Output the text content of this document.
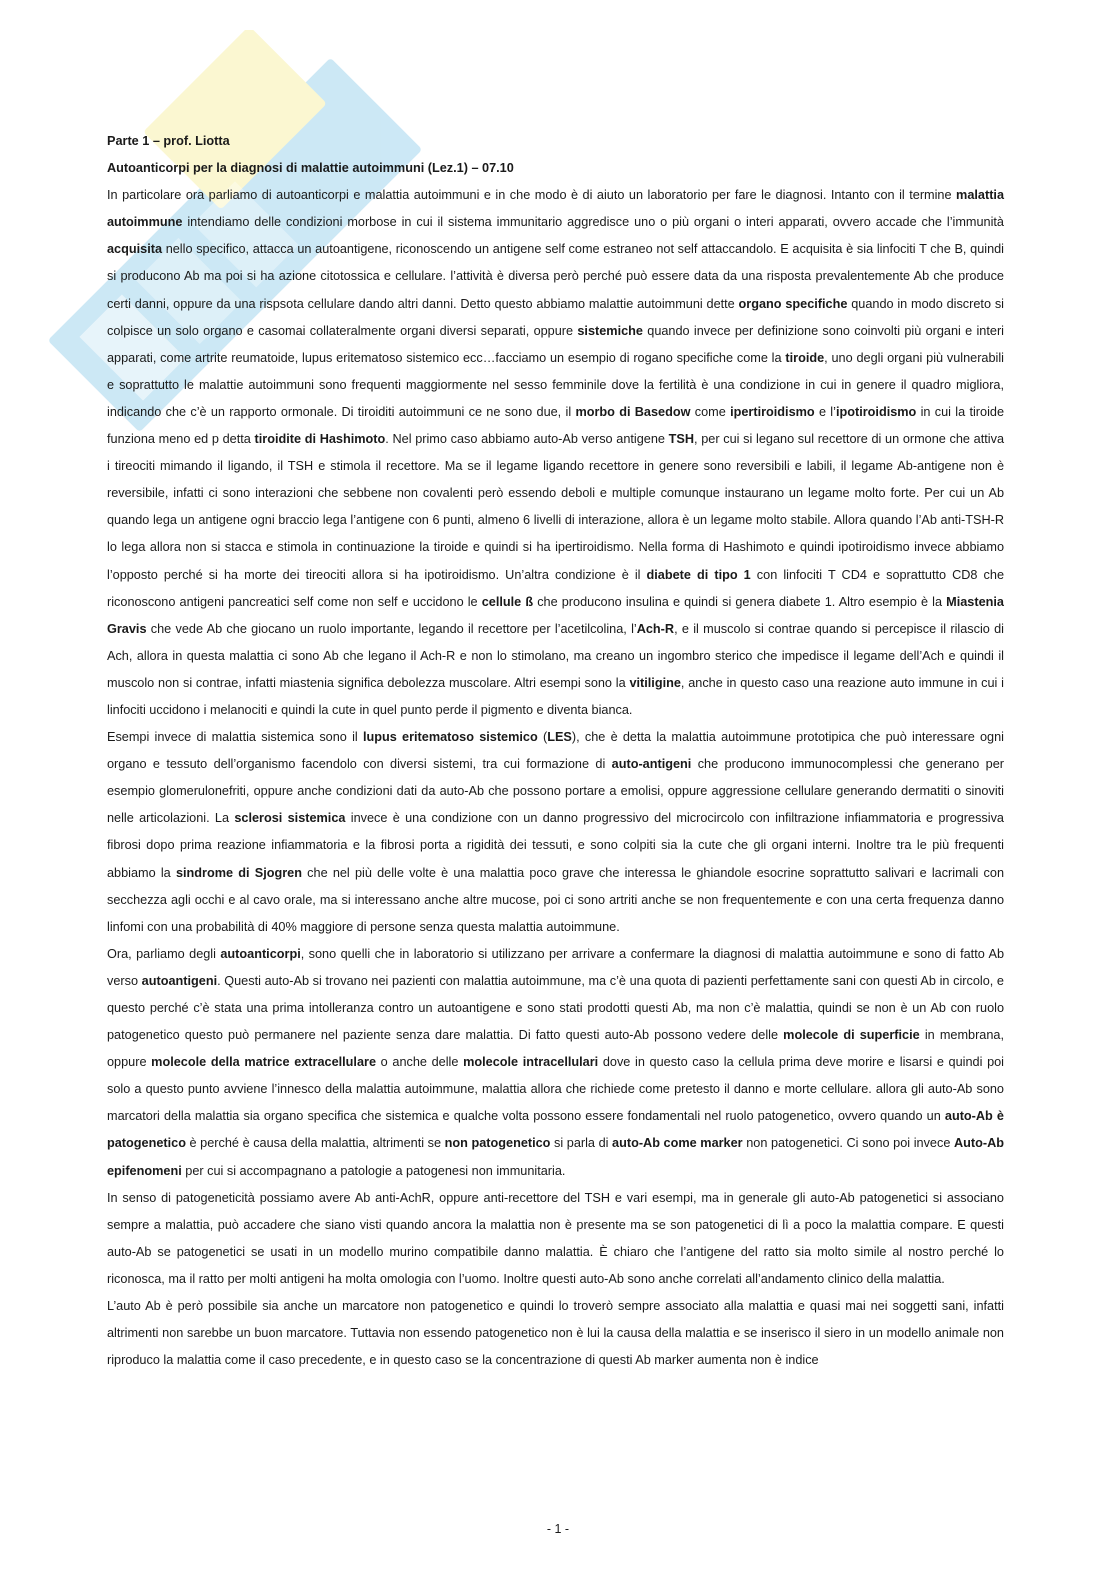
Parte 1 – prof. Liotta

Autoanticorpi per la diagnosi di malattie autoimmuni (Lez.1) – 07.10

In particolare ora parliamo di autoanticorpi e malattia autoimmuni e in che modo è di aiuto un laboratorio per fare le diagnosi. Intanto con il termine malattia autoimmune intendiamo delle condizioni morbose in cui il sistema immunitario aggredisce uno o più organi o interi apparati, ovvero accade che l’immunità acquisita nello specifico, attacca un autoantigene, riconoscendo un antigene self come estraneo not self attaccandolo. E acquisita è sia linfociti T che B, quindi si producono Ab ma poi si ha azione citotossica e cellulare. l’attività è diversa però perché può essere data da una risposta prevalentemente Ab che produce certi danni, oppure da una rispsota cellulare dando altri danni. Detto questo abbiamo malattie autoimmuni dette organo specifiche quando in modo discreto si colpisce un solo organo e casomai collateralmente organi diversi separati, oppure sistemiche quando invece per definizione sono coinvolti più organi e interi apparati, come artrite reumatoide, lupus eritematoso sistemico ecc…facciamo un esempio di rogano specifiche come la tiroide, uno degli organi più vulnerabili e soprattutto le malattie autoimmuni sono frequenti maggiormente nel sesso femminile dove la fertilità è una condizione in cui in genere il quadro migliora, indicando che c’è un rapporto ormonale. Di tiroiditi autoimmuni ce ne sono due, il morbo di Basedow come ipertiroidismo e l’ipotiroidismo in cui la tiroide funziona meno ed p detta tiroidite di Hashimoto. Nel primo caso abbiamo auto-Ab verso antigene TSH, per cui si legano sul recettore di un ormone che attiva i tireociti mimando il ligando, il TSH e stimola il recettore. Ma se il legame ligando recettore in genere sono reversibili e labili, il legame Ab-antigene non è reversibile, infatti ci sono interazioni che sebbene non covalenti però essendo deboli e multiple comunque instaurano un legame molto forte. Per cui un Ab quando lega un antigene ogni braccio lega l’antigene con 6 punti, almeno 6 livelli di interazione, allora è un legame molto stabile. Allora quando l’Ab anti-TSH-R lo lega allora non si stacca e stimola in continuazione la tiroide e quindi si ha ipertiroidismo. Nella forma di Hashimoto e quindi ipotiroidismo invece abbiamo l’opposto perché si ha morte dei tireociti allora si ha ipotiroidismo. Un’altra condizione è il diabete di tipo 1 con linfociti T CD4 e soprattutto CD8 che riconoscono antigeni pancreatici self come non self e uccidono le cellule ß che producono insulina e quindi si genera diabete 1. Altro esempio è la Miastenia Gravis che vede Ab che giocano un ruolo importante, legando il recettore per l’acetilcolina, l’Ach-R, e il muscolo si contrae quando si percepisce il rilascio di Ach, allora in questa malattia ci sono Ab che legano il Ach-R e non lo stimolano, ma creano un ingombro sterico che impedisce il legame dell’Ach e quindi il muscolo non si contrae, infatti miastenia significa debolezza muscolare. Altri esempi sono la vitiligine, anche in questo caso una reazione auto immune in cui i linfociti uccidono i melanociti e quindi la cute in quel punto perde il pigmento e diventa bianca.

Esempi invece di malattia sistemica sono il lupus eritematoso sistemico (LES), che è detta la malattia autoimmune prototipica che può interessare ogni organo e tessuto dell’organismo facendolo con diversi sistemi, tra cui formazione di auto-antigeni che producono immunocomplessi che generano per esempio glomerulonefriti, oppure anche condizioni dati da auto-Ab che possono portare a emolisi, oppure aggressione cellulare generando dermatiti o sinoviti nelle articolazioni. La sclerosi sistemica invece è una condizione con un danno progressivo del microcircolo con infiltrazione infiammatoria e progressiva fibrosi dopo prima reazione infiammatoria e la fibrosi porta a rigidità dei tessuti, e sono colpiti sia la cute che gli organi interni. Inoltre tra le più frequenti abbiamo la sindrome di Sjogren che nel più delle volte è una malattia poco grave che interessa le ghiandole esocrine soprattutto salivari e lacrimali con secchezza agli occhi e al cavo orale, ma si interessano anche altre mucose, poi ci sono artriti anche se non frequentemente e con una certa frequenza danno linfomi con una probabilità di 40% maggiore di persone senza questa malattia autoimmune.

Ora, parliamo degli autoanticorpi, sono quelli che in laboratorio si utilizzano per arrivare a confermare la diagnosi di malattia autoimmune e sono di fatto Ab verso autoantigeni. Questi auto-Ab si trovano nei pazienti con malattia autoimmune, ma c’è una quota di pazienti perfettamente sani con questi Ab in circolo, e questo perché c’è stata una prima intolleranza contro un autoantigene e sono stati prodotti questi Ab, ma non c’è malattia, quindi se non è un Ab con ruolo patogenetico questo può permanere nel paziente senza dare malattia. Di fatto questi auto-Ab possono vedere delle molecole di superficie in membrana, oppure molecole della matrice extracellulare o anche delle molecole intracellulari dove in questo caso la cellula prima deve morire e lisarsi e quindi poi solo a questo punto avviene l’innesco della malattia autoimmune, malattia allora che richiede come pretesto il danno e morte cellulare. allora gli auto-Ab sono marcatori della malattia sia organo specifica che sistemica e qualche volta possono essere fondamentali nel ruolo patogenetico, ovvero quando un auto-Ab è patogenetico è perché è causa della malattia, altrimenti se non patogenetico si parla di auto-Ab come marker non patogenetici. Ci sono poi invece Auto-Ab epifenomeni per cui si accompagnano a patologie a patogenesi non immunitaria.

In senso di patogeneticità possiamo avere Ab anti-AchR, oppure anti-recettore del TSH e vari esempi, ma in generale gli auto-Ab patogenetici si associano sempre a malattia, può accadere che siano visti quando ancora la malattia non è presente ma se son patogenetici di lì a poco la malattia compare. E questi auto-Ab se patogenetici se usati in un modello murino compatibile danno malattia. È chiaro che l’antigene del ratto sia molto simile al nostro perché lo riconosca, ma il ratto per molti antigeni ha molta omologia con l’uomo. Inoltre questi auto-Ab sono anche correlati all’andamento clinico della malattia.

L’auto Ab è però possibile sia anche un marcatore non patogenetico e quindi lo troverò sempre associato alla malattia e quasi mai nei soggetti sani, infatti altrimenti non sarebbe un buon marcatore. Tuttavia non essendo patogenetico non è lui la causa della malattia e se inserisco il siero in un modello animale non riproduco la malattia come il caso precedente, e in questo caso se la concentrazione di questi Ab marker aumenta non è indice

- 1 -
